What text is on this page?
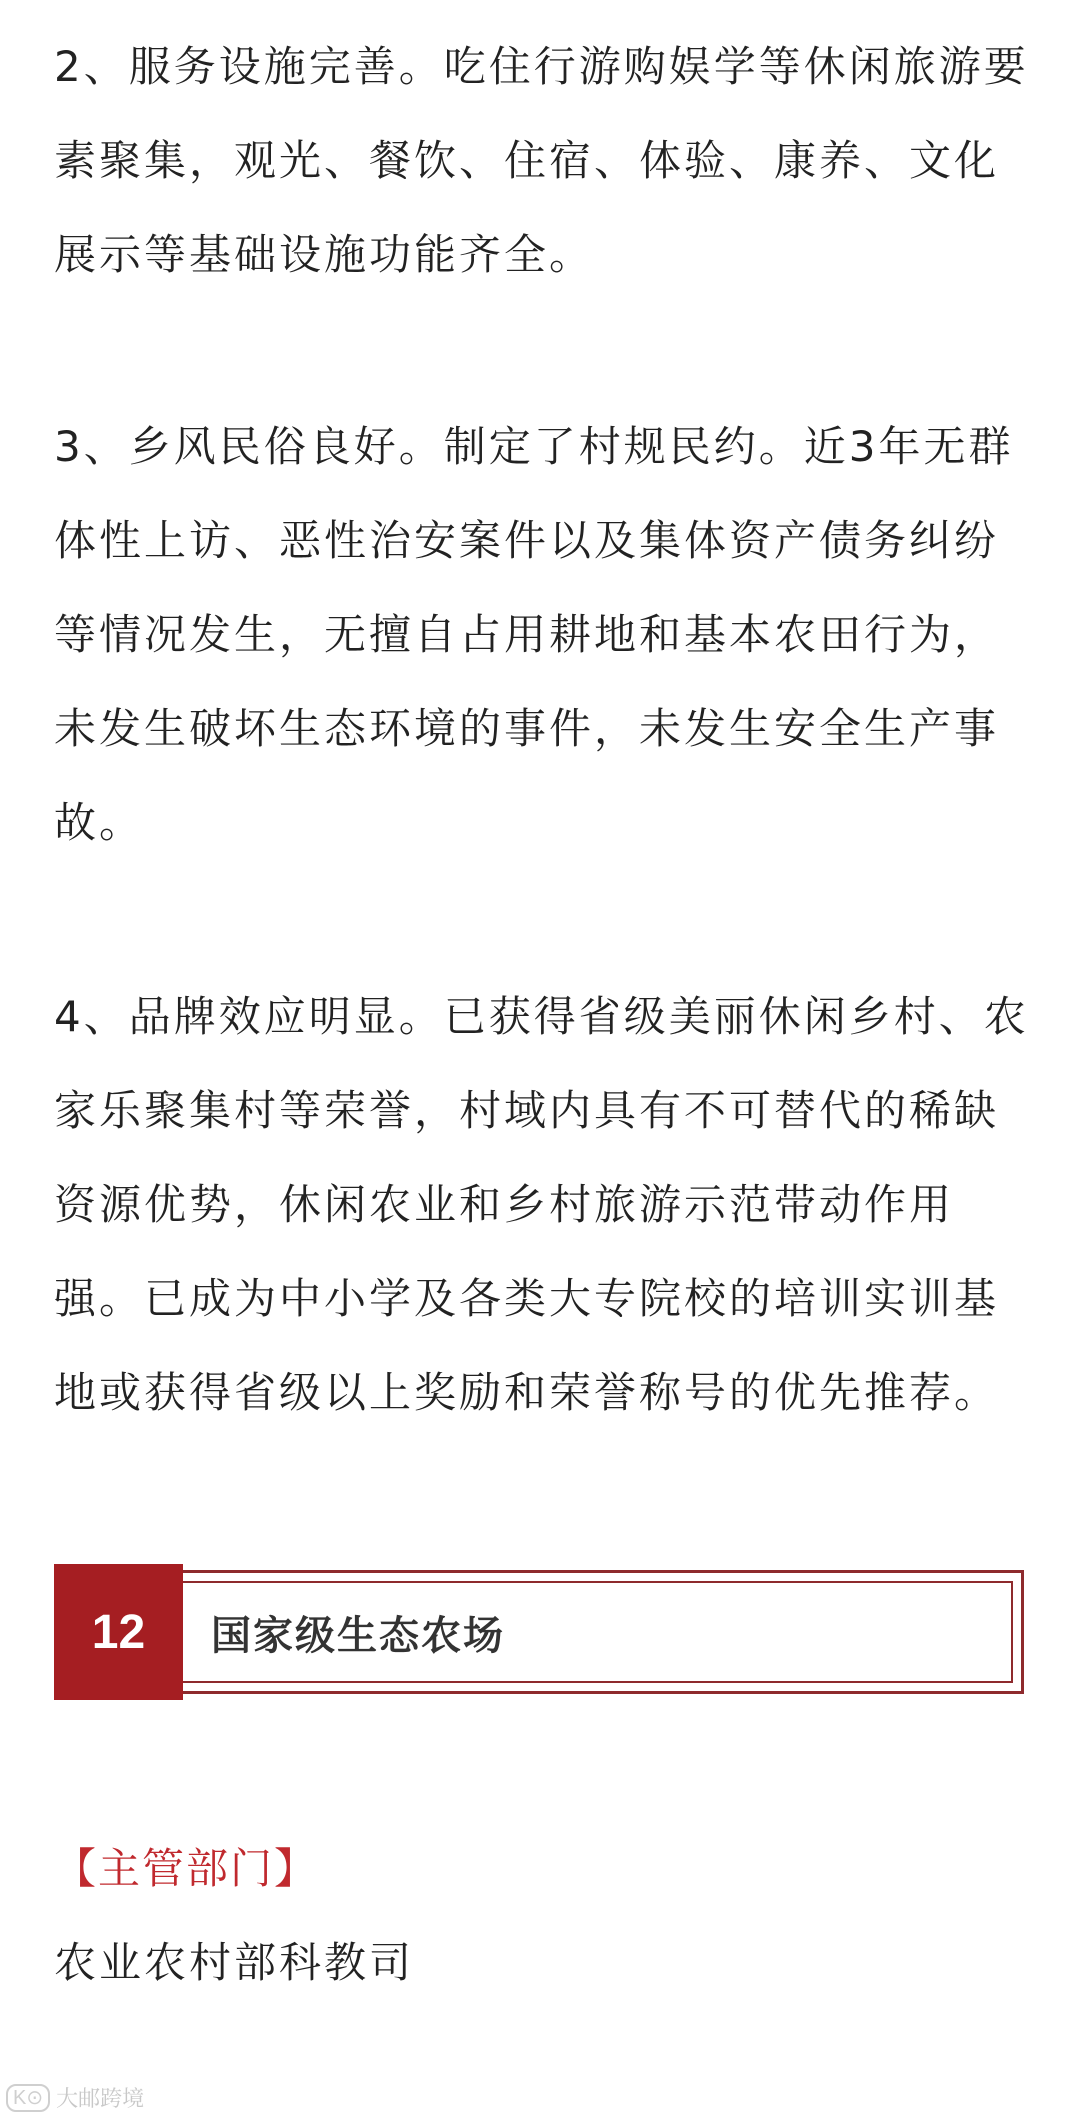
2、服务设施完善。吃住行游购娱学等休闲旅游要素聚集，观光、餐饮、住宿、体验、康养、文化展示等基础设施功能齐全。

3、乡风民俗良好。制定了村规民约。近3年无群体性上访、恶性治安案件以及集体资产债务纠纷等情况发生，无擅自占用耕地和基本农田行为，未发生破坏生态环境的事件，未发生安全生产事故。

4、品牌效应明显。已获得省级美丽休闲乡村、农家乐聚集村等荣誉，村域内具有不可替代的稀缺资源优势，休闲农业和乡村旅游示范带动作用强。已成为中小学及各类大专院校的培训实训基地或获得省级以上奖励和荣誉称号的优先推荐。

12	国家级生态农场
【主管部门】
农业农村部科教司
K⊙ 大邮跨境
